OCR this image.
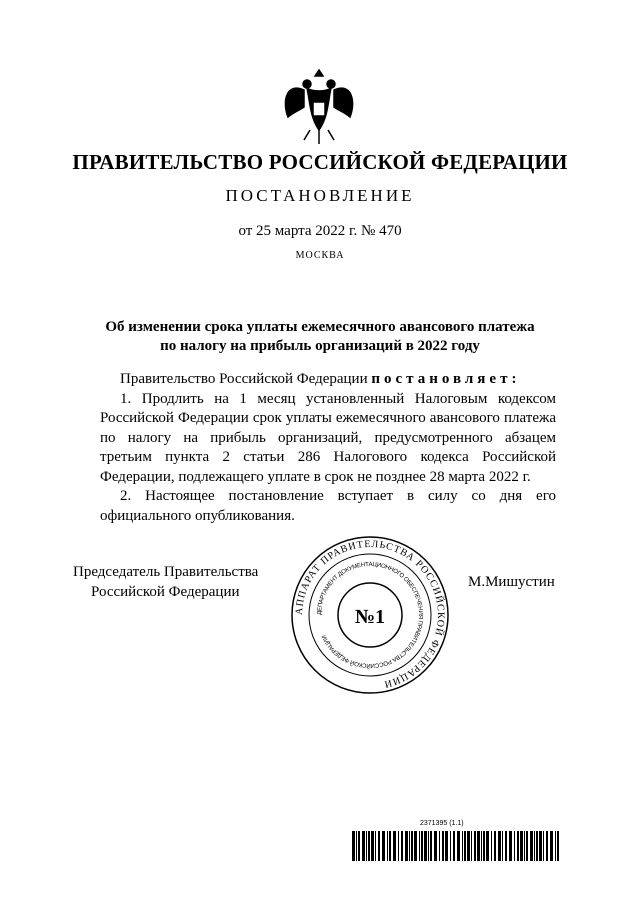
ПРАВИТЕЛЬСТВО РОССИЙСКОЙ ФЕДЕРАЦИИ
ПОСТАНОВЛЕНИЕ
от 25 марта 2022 г. № 470
МОСКВА
Об изменении срока уплаты ежемесячного авансового платежа
по налогу на прибыль организаций в 2022 году
Правительство Российской Федерации постановляет:
1. Продлить на 1 месяц установленный Налоговым кодексом Российской Федерации срок уплаты ежемесячного авансового платежа по налогу на прибыль организаций, предусмотренного абзацем третьим пункта 2 статьи 286 Налогового кодекса Российской Федерации, подлежащего уплате в срок не позднее 28 марта 2022 г.
2. Настоящее постановление вступает в силу со дня его официального опубликования.
Председатель Правительства
Российской Федерации
М.Мишустин
АППАРАТ ПРАВИТЕЛЬСТВА РОССИЙСКОЙ ФЕДЕРАЦИИ
ДЕПАРТАМЕНТ ДОКУМЕНТАЦИОННОГО ОБЕСПЕЧЕНИЯ ПРАВИТЕЛЬСТВА РОССИЙСКОЙ ФЕДЕРАЦИИ
№1
2371395 (1.1)
